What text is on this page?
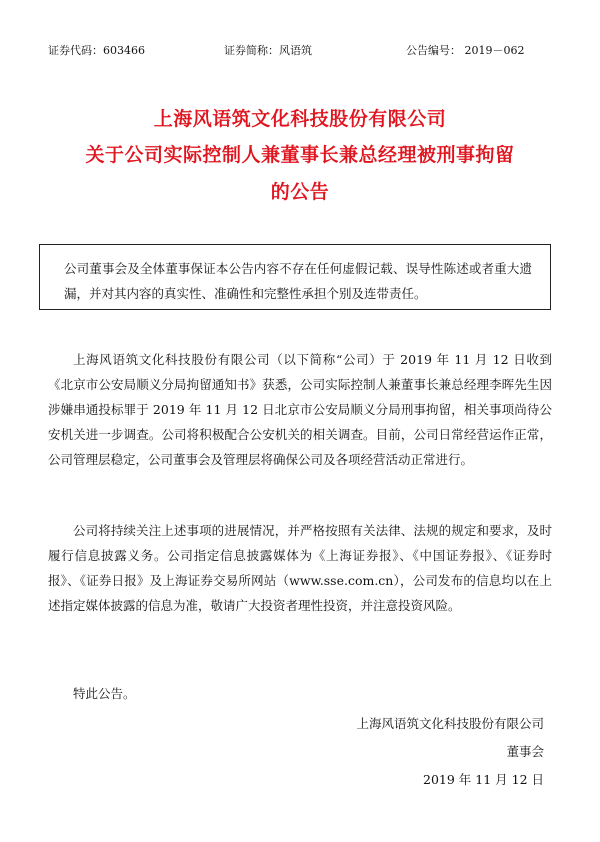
证券代码：603466	证券简称：风语筑	公告编号： 2019－062
上海风语筑文化科技股份有限公司
关于公司实际控制人兼董事长兼总经理被刑事拘留
的公告
公司董事会及全体董事保证本公告内容不存在任何虚假记载、误导性陈述或者重大遗漏，并对其内容的真实性、准确性和完整性承担个别及连带责任。

上海风语筑文化科技股份有限公司（以下简称“公司）于 2019 年 11 月 12 日收到《北京市公安局顺义分局拘留通知书》获悉，公司实际控制人兼董事长兼总经理李晖先生因涉嫌串通投标罪于 2019 年 11 月 12 日北京市公安局顺义分局刑事拘留，相关事项尚待公安机关进一步调查。公司将积极配合公安机关的相关调查。目前，公司日常经营运作正常，公司管理层稳定，公司董事会及管理层将确保公司及各项经营活动正常进行。

公司将持续关注上述事项的进展情况，并严格按照有关法律、法规的规定和要求，及时履行信息披露义务。公司指定信息披露媒体为《上海证券报》、《中国证券报》、《证券时报》、《证券日报》及上海证券交易所网站（www.sse.com.cn），公司发布的信息均以在上述指定媒体披露的信息为准，敬请广大投资者理性投资，并注意投资风险。

特此公告。

上海风语筑文化科技股份有限公司
董事会
2019 年 11 月 12 日
